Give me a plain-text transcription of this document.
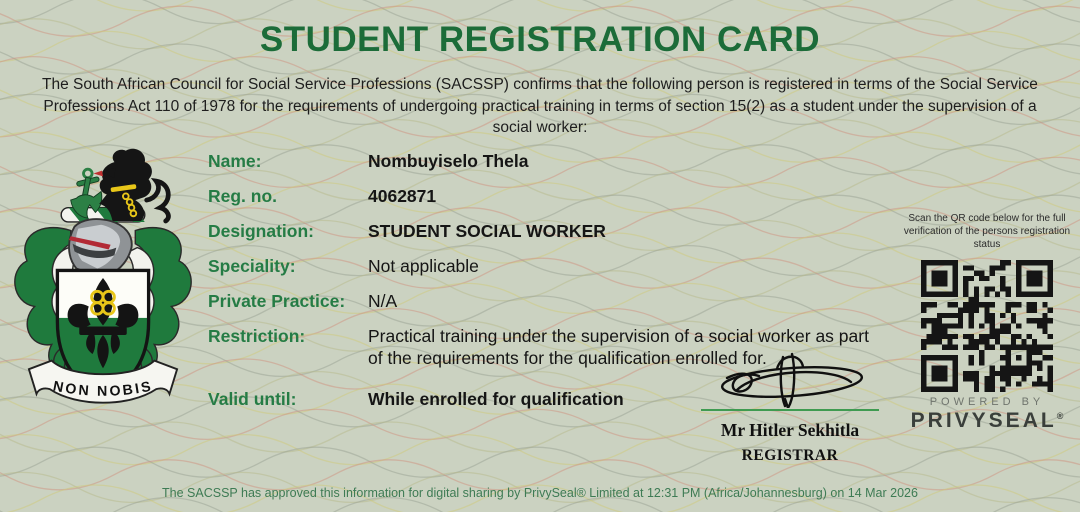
STUDENT REGISTRATION CARD
The South African Council for Social Service Professions (SACSSP) confirms that the following person is registered in terms of the Social Service Professions Act 110 of 1978 for the requirements of undergoing practical training in terms of section 15(2) as a student under the supervision of a social worker:
NON NOBIS
Name:	Nombuyiselo Thela
Reg. no.	4062871
Designation:	STUDENT SOCIAL WORKER
Speciality:	Not applicable
Private Practice:	N/A
Restriction:	Practical training under the supervision of a social worker as part of the requirements for the qualification enrolled for.
Valid until:	While enrolled for qualification
Scan the QR code below for the full verification of the persons registration status
POWERED BY
PRIVYSEAL®
Mr Hitler Sekhitla
REGISTRAR
The SACSSP has approved this information for digital sharing by PrivySeal® Limited at 12:31 PM (Africa/Johannesburg) on 14 Mar 2026
